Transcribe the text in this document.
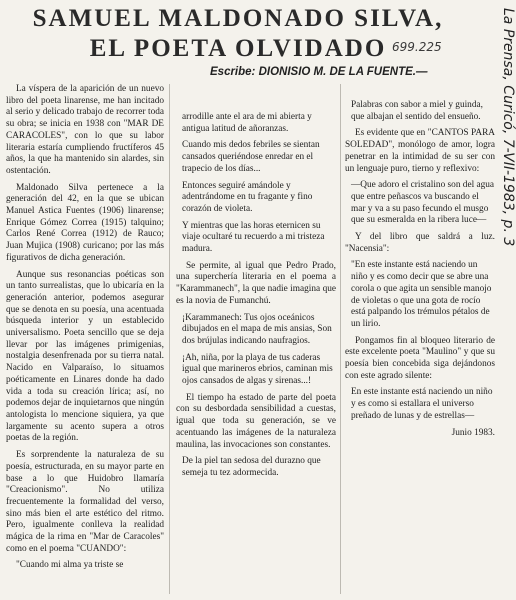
SAMUEL MALDONADO SILVA,
EL POETA OLVIDADO 699.225
Escribe: DIONISIO M. DE LA FUENTE.—

La víspera de la aparición de un nuevo libro del poeta linarense, me han incitado al serio y delicado trabajo de recorrer toda su obra; se inicia en 1938 con "MAR DE CARACOLES", con lo que su labor literaria estaría cumpliendo fructíferos 45 años, la que ha mantenido sin alardes, sin ostentación.

Maldonado Silva pertenece a la generación del 42, en la que se ubican Manuel Astica Fuentes (1906) linarense; Enrique Gómez Correa (1915) talquino; Carlos René Correa (1912) de Rauco; Juan Mujica (1908) curicano; por las más figurativos de dicha generación.

Aunque sus resonancias poéticas son un tanto surrealistas, que lo ubicaría en la generación anterior, podemos asegurar que se denota en su poesía, una acentuada búsqueda interior y un establecido universalismo. Poeta sencillo que se deja llevar por las imágenes primigenias, nostalgia desenfrenada por su tierra natal. Nacido en Valparaíso, lo situamos poéticamente en Linares donde ha dado vida a toda su creación lírica; así, no podemos dejar de inquietarnos que ningún antologista lo mencione siquiera, ya que largamente su acento supera a otros poetas de la región.

Es sorprendente la naturaleza de su poesía, estructurada, en su mayor parte en base a lo que Huidobro llamaría "Creacionismo". No utiliza frecuentemente la formalidad del verso, sino más bien el arte estético del ritmo. Pero, igualmente conlleva la realidad mágica de la rima en "Mar de Caracoles" como en el poema "CUANDO":

"Cuando mi alma ya triste se

arrodille ante el ara de mi abierta y antigua latitud de añoranzas.

Cuando mis dedos febriles se sientan cansados queriéndose enredar en el trapecio de los días...

Entonces seguiré amándole y adentrándome en tu fragante y fino corazón de violeta.

Y mientras que las horas eternicen su viaje ocultaré tu recuerdo a mi tristeza madura.

Se permite, al igual que Pedro Prado, una superchería literaria en el poema a "Karammanech", la que nadie imagina que es la novia de Fumanchú.

¡Karammanech: Tus ojos oceánicos dibujados en el mapa de mis ansias, Son dos brújulas indicando naufragios.

¡Ah, niña, por la playa de tus caderas igual que marineros ebrios, caminan mis ojos cansados de algas y sirenas...!

El tiempo ha estado de parte del poeta con su desbordada sensibilidad a cuestas, igual que toda su generación, se ve acentuando las imágenes de la naturaleza maulina, las invocaciones son constantes.

De la piel tan sedosa del durazno que semeja tu tez adormecida.

Palabras con sabor a miel y guinda, que albajan el sentido del ensueño.

Es evidente que en "CANTOS PARA SOLEDAD", monólogo de amor, logra penetrar en la intimidad de su ser con un lenguaje puro, tierno y reflexivo:

—Que adoro el cristalino son del agua que entre peñascos va buscando el mar y va a su paso fecundo el musgo que su esmeralda en la ribera luce—

Y del libro que saldrá a luz. "Nacensia":

"En este instante está naciendo un niño y es como decir que se abre una corola o que agita un sensible manojo de violetas o que una gota de rocío está palpando los trémulos pétalos de un lirio.

Pongamos fin al bloqueo literario de este excelente poeta "Maulino" y que su poesía bien concebida siga dejándonos con este agrado silente:

En este instante está naciendo un niño y es como si estallara el universo preñado de lunas y de estrellas—

Junio 1983.

La Prensa, Curicó, 7-VII-1983, p. 3
